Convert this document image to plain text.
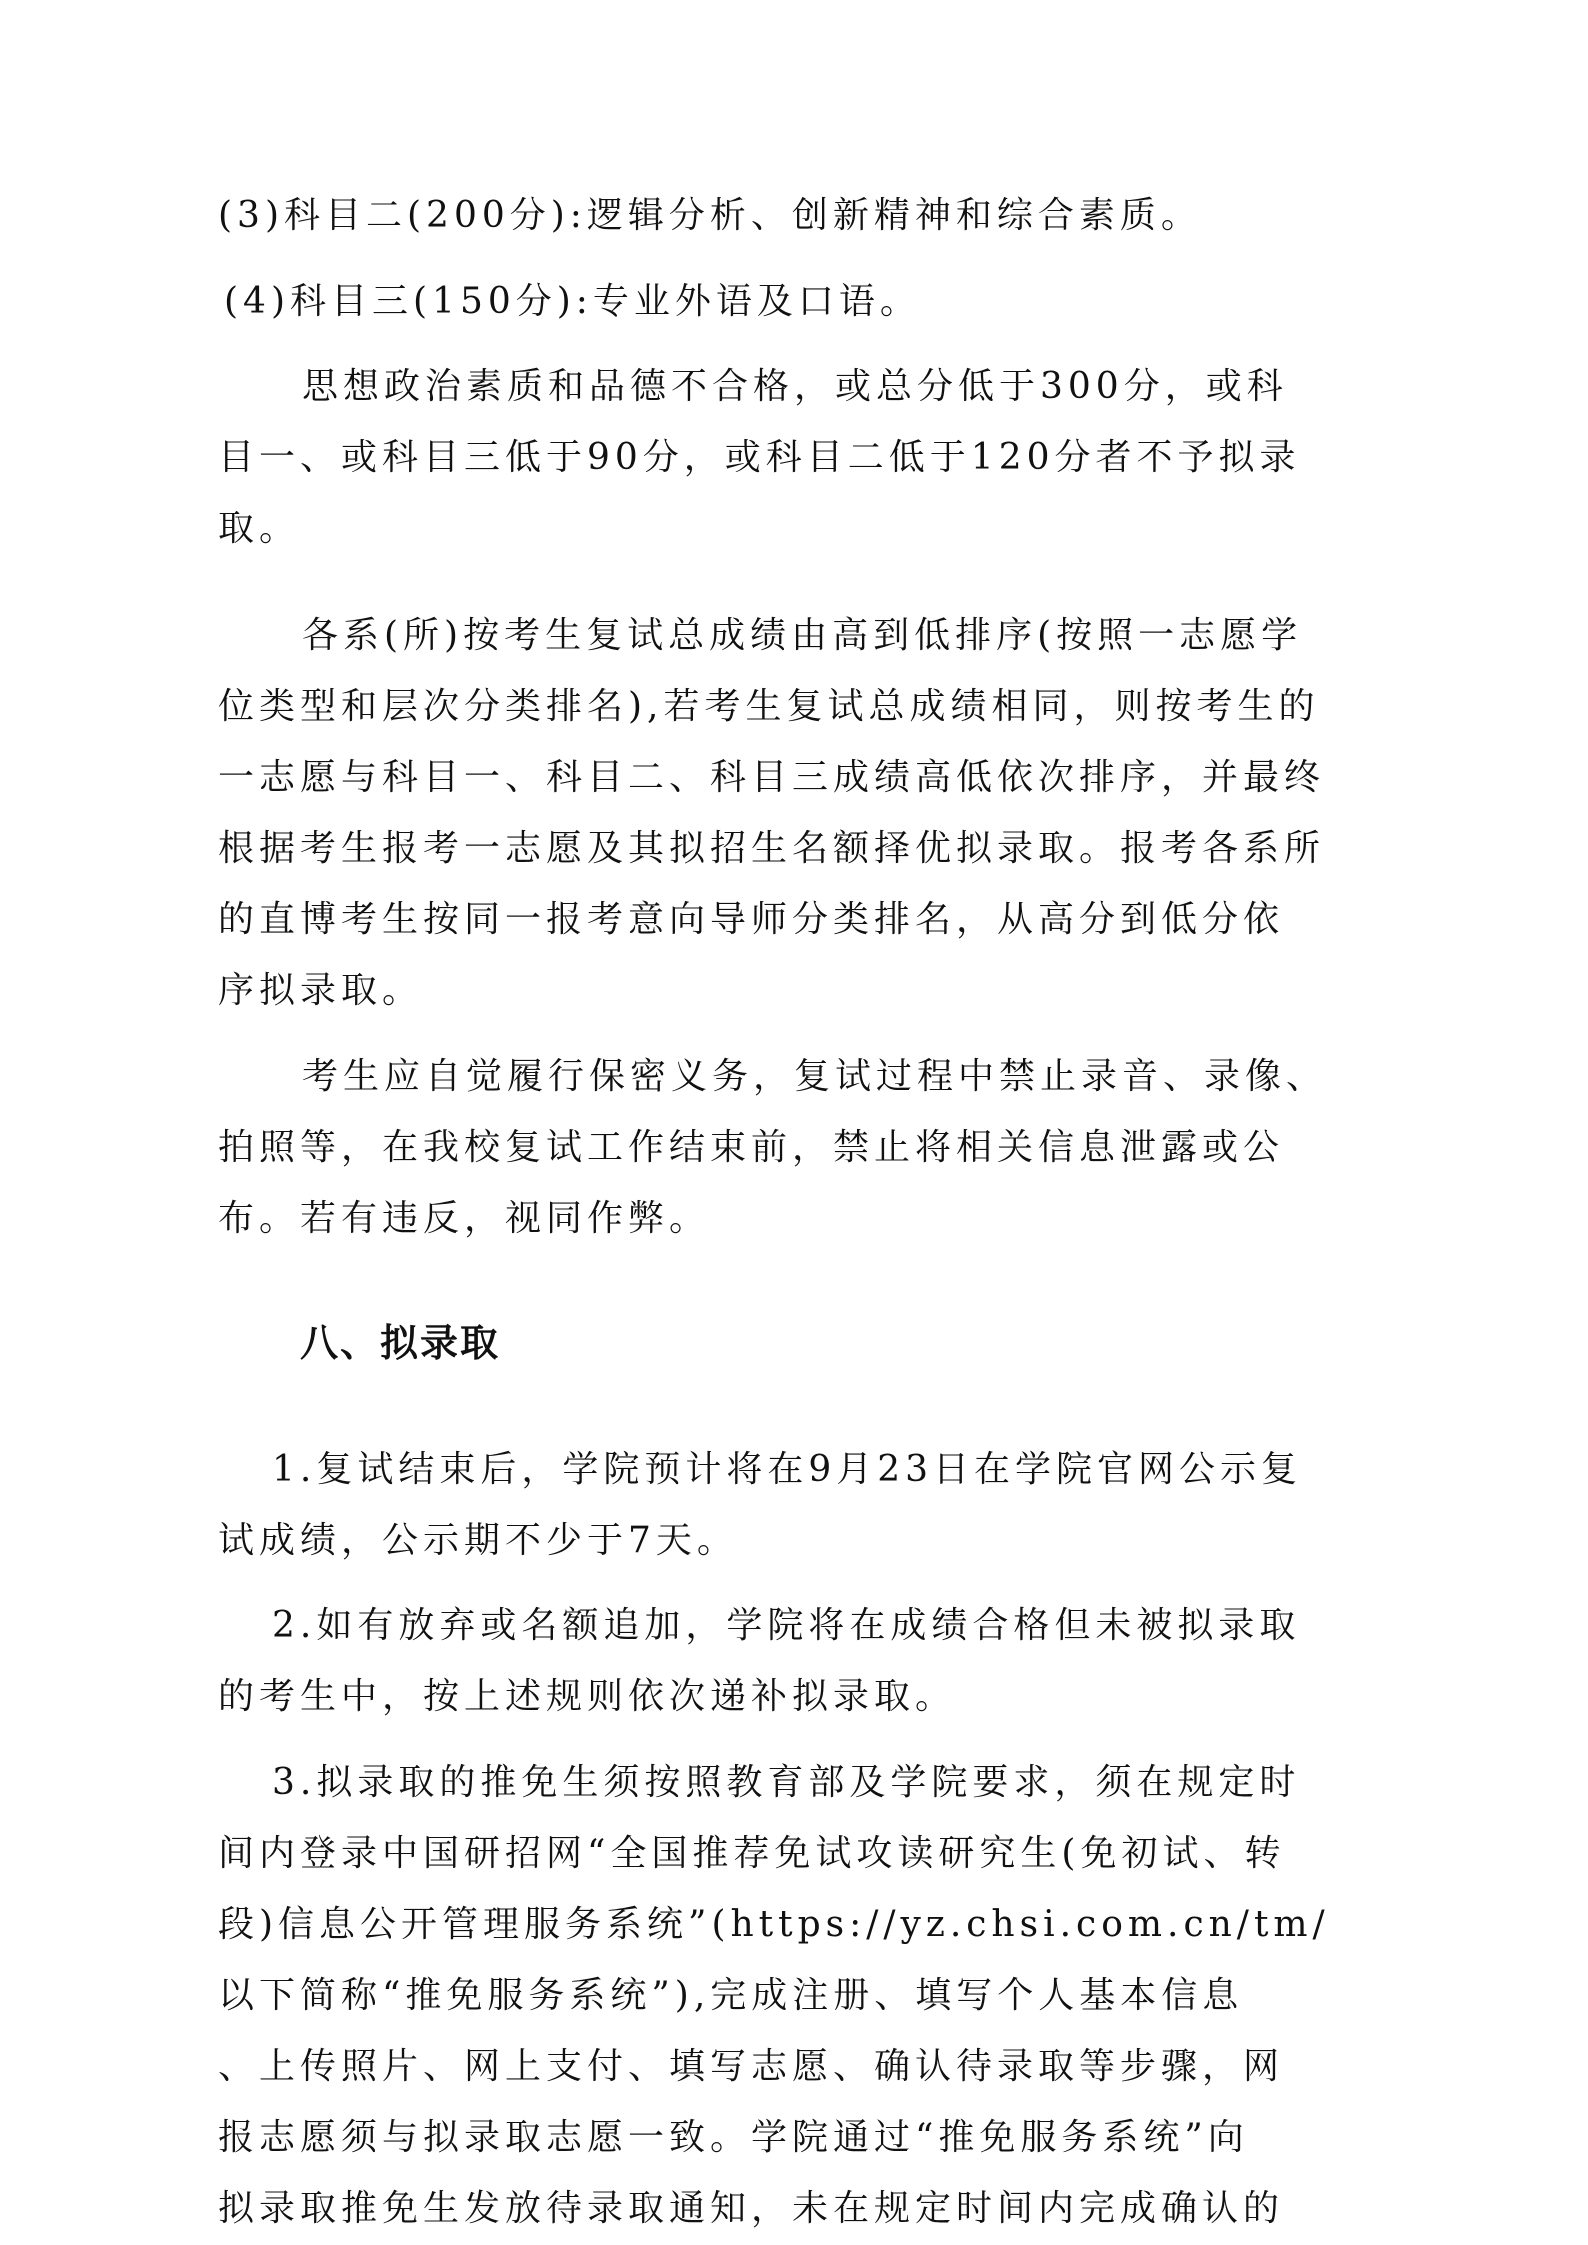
(3)科目二(200分):逻辑分析、创新精神和综合素质。
(4)科目三(150分):专业外语及口语。
思想政治素质和品德不合格，或总分低于300分，或科
目一、或科目三低于90分，或科目二低于120分者不予拟录
取。
各系(所)按考生复试总成绩由高到低排序(按照一志愿学
位类型和层次分类排名),若考生复试总成绩相同，则按考生的
一志愿与科目一、科目二、科目三成绩高低依次排序，并最终
根据考生报考一志愿及其拟招生名额择优拟录取。报考各系所
的直博考生按同一报考意向导师分类排名，从高分到低分依
序拟录取。
考生应自觉履行保密义务，复试过程中禁止录音、录像、
拍照等，在我校复试工作结束前，禁止将相关信息泄露或公
布。若有违反，视同作弊。
八、拟录取
1.复试结束后，学院预计将在9月23日在学院官网公示复
试成绩，公示期不少于7天。
2.如有放弃或名额追加，学院将在成绩合格但未被拟录取
的考生中，按上述规则依次递补拟录取。
3.拟录取的推免生须按照教育部及学院要求，须在规定时
间内登录中国研招网“全国推荐免试攻读研究生(免初试、转
段)信息公开管理服务系统”(https://yz.chsi.com.cn/tm/
以下简称“推免服务系统”),完成注册、填写个人基本信息
、上传照片、网上支付、填写志愿、确认待录取等步骤，网
报志愿须与拟录取志愿一致。学院通过“推免服务系统”向
拟录取推免生发放待录取通知，未在规定时间内完成确认的
